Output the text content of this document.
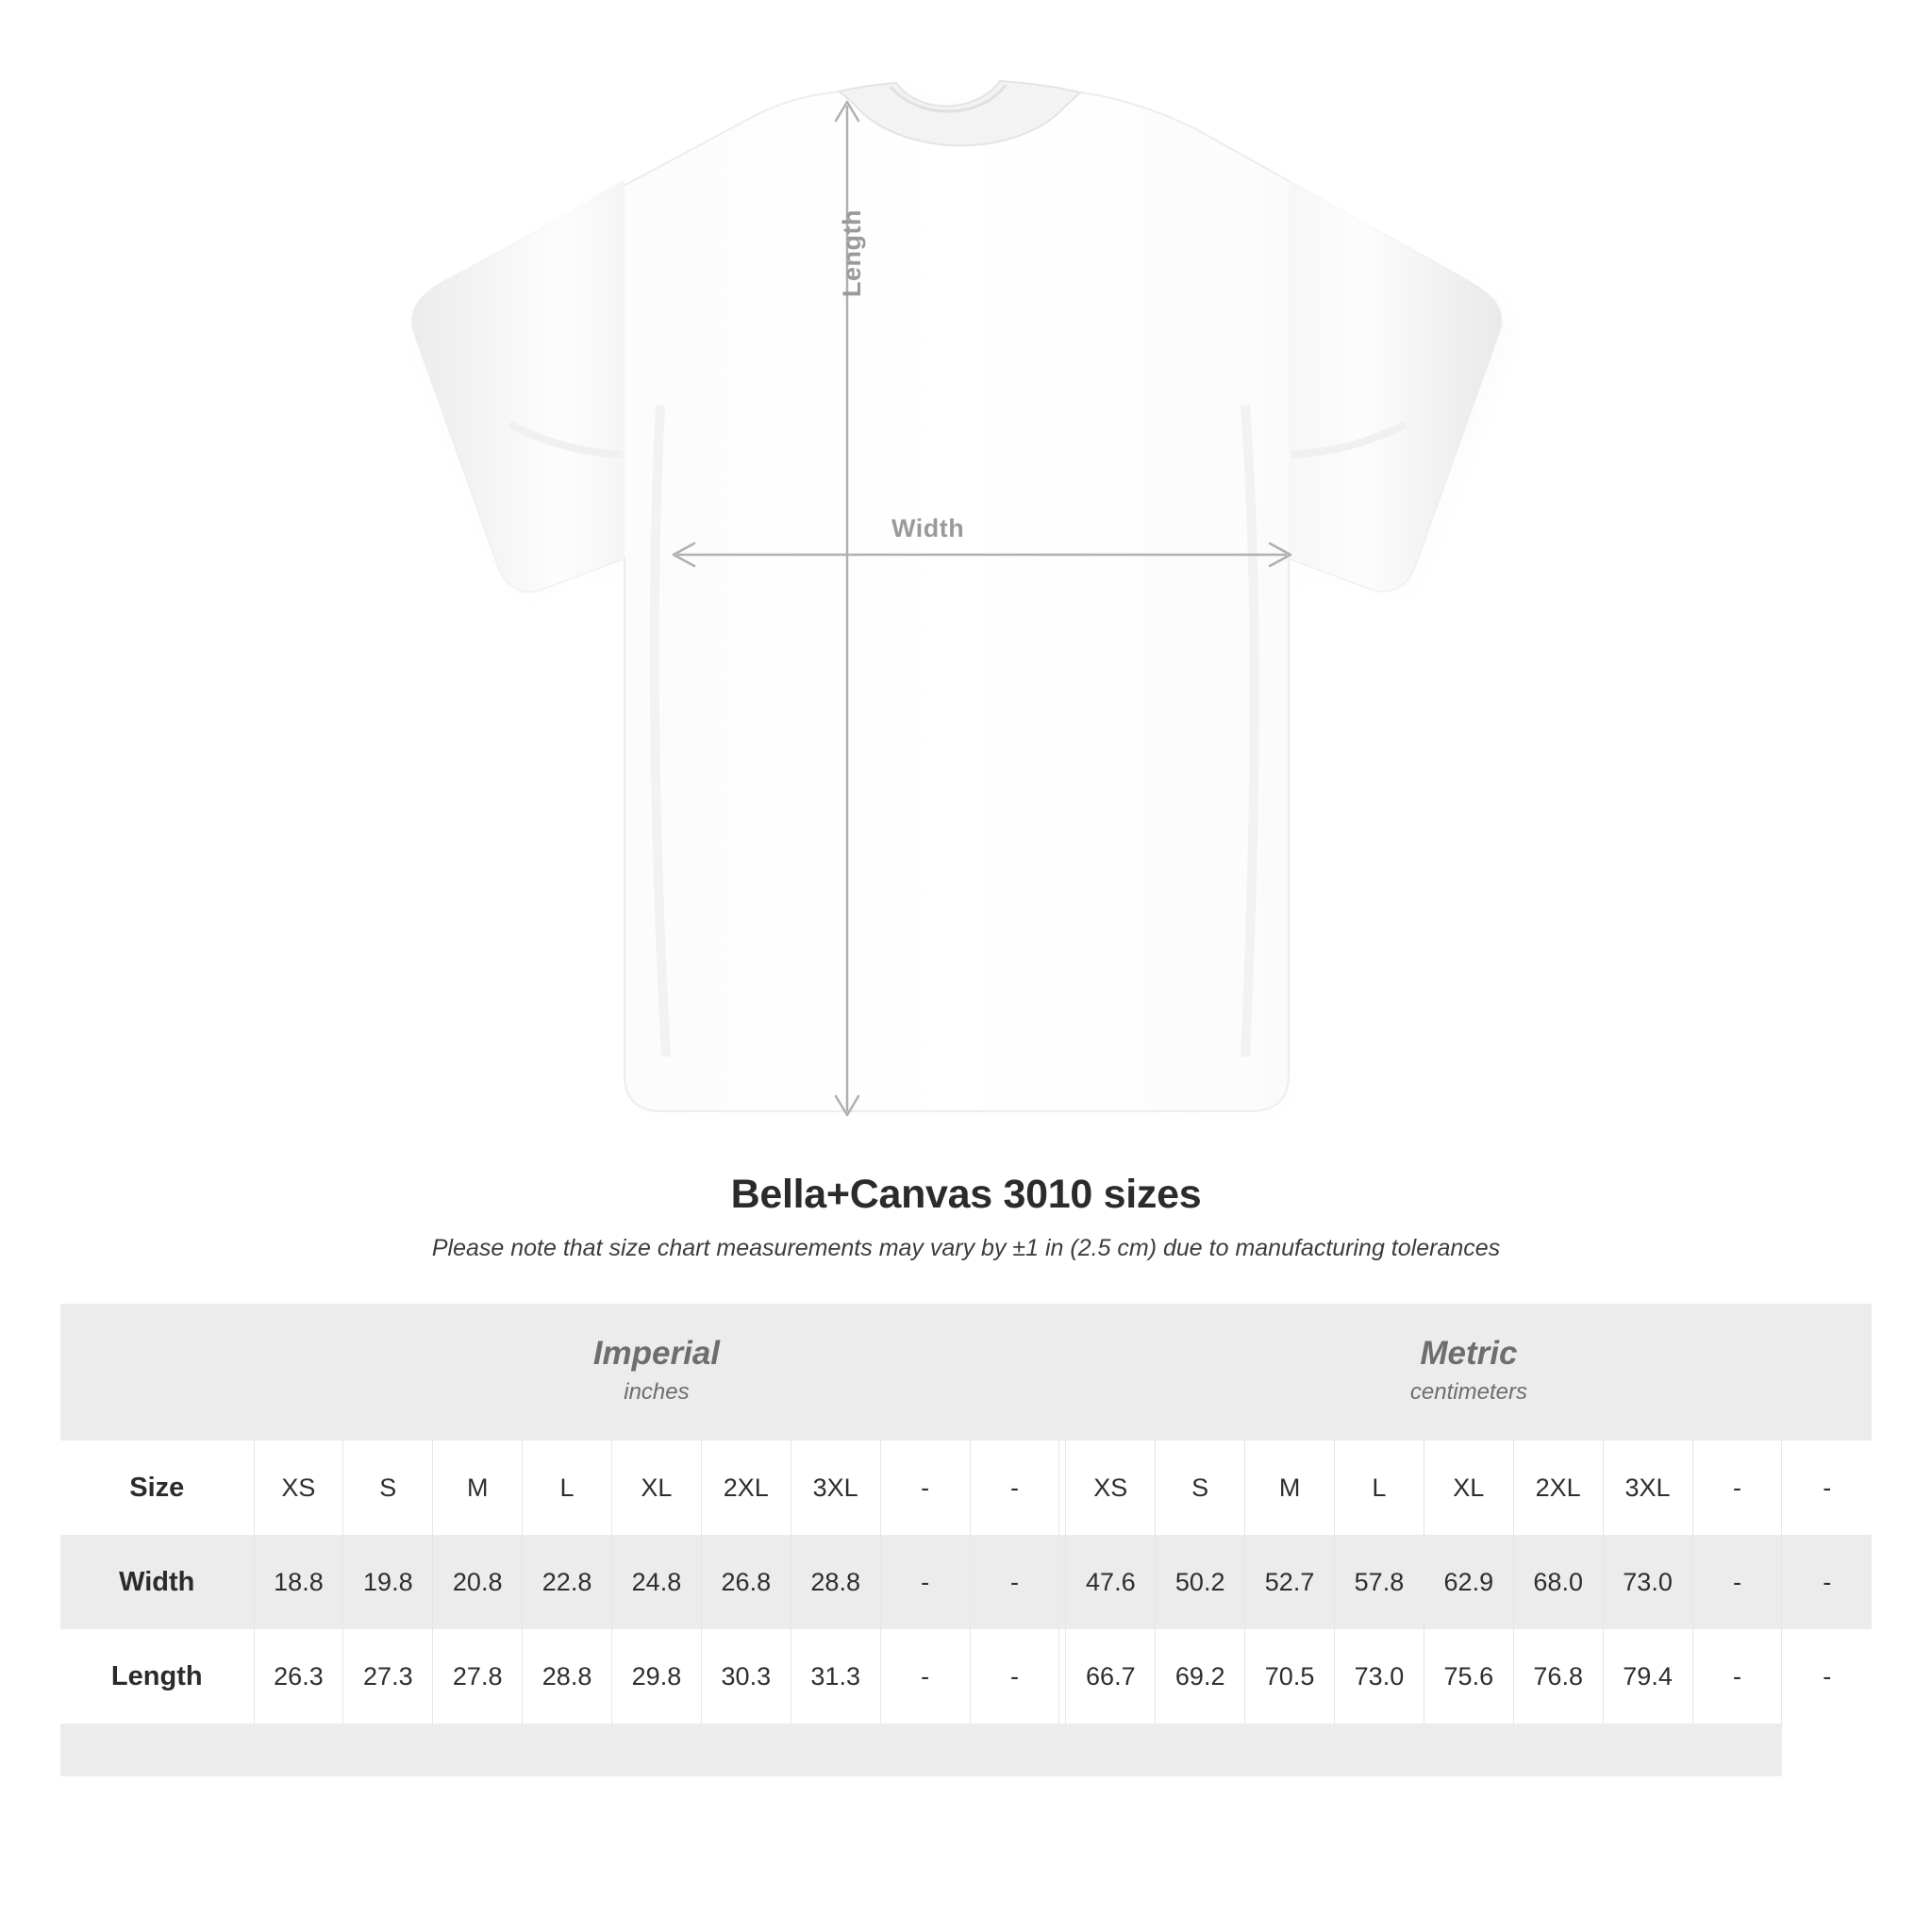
Length
Width
Bella+Canvas 3010 sizes
Please note that size chart measurements may vary by ±1 in (2.5 cm) due to manufacturing tolerances

Imperial
inches

Metric
centimeters

Size	XS	S	M	L	XL	2XL	3XL	-	-		XS	S	M	L	XL	2XL	3XL	-	-
Width	18.8	19.8	20.8	22.8	24.8	26.8	28.8	-	-		47.6	50.2	52.7	57.8	62.9	68.0	73.0	-	-
Length	26.3	27.3	27.8	28.8	29.8	30.3	31.3	-	-		66.7	69.2	70.5	73.0	75.6	76.8	79.4	-	-
